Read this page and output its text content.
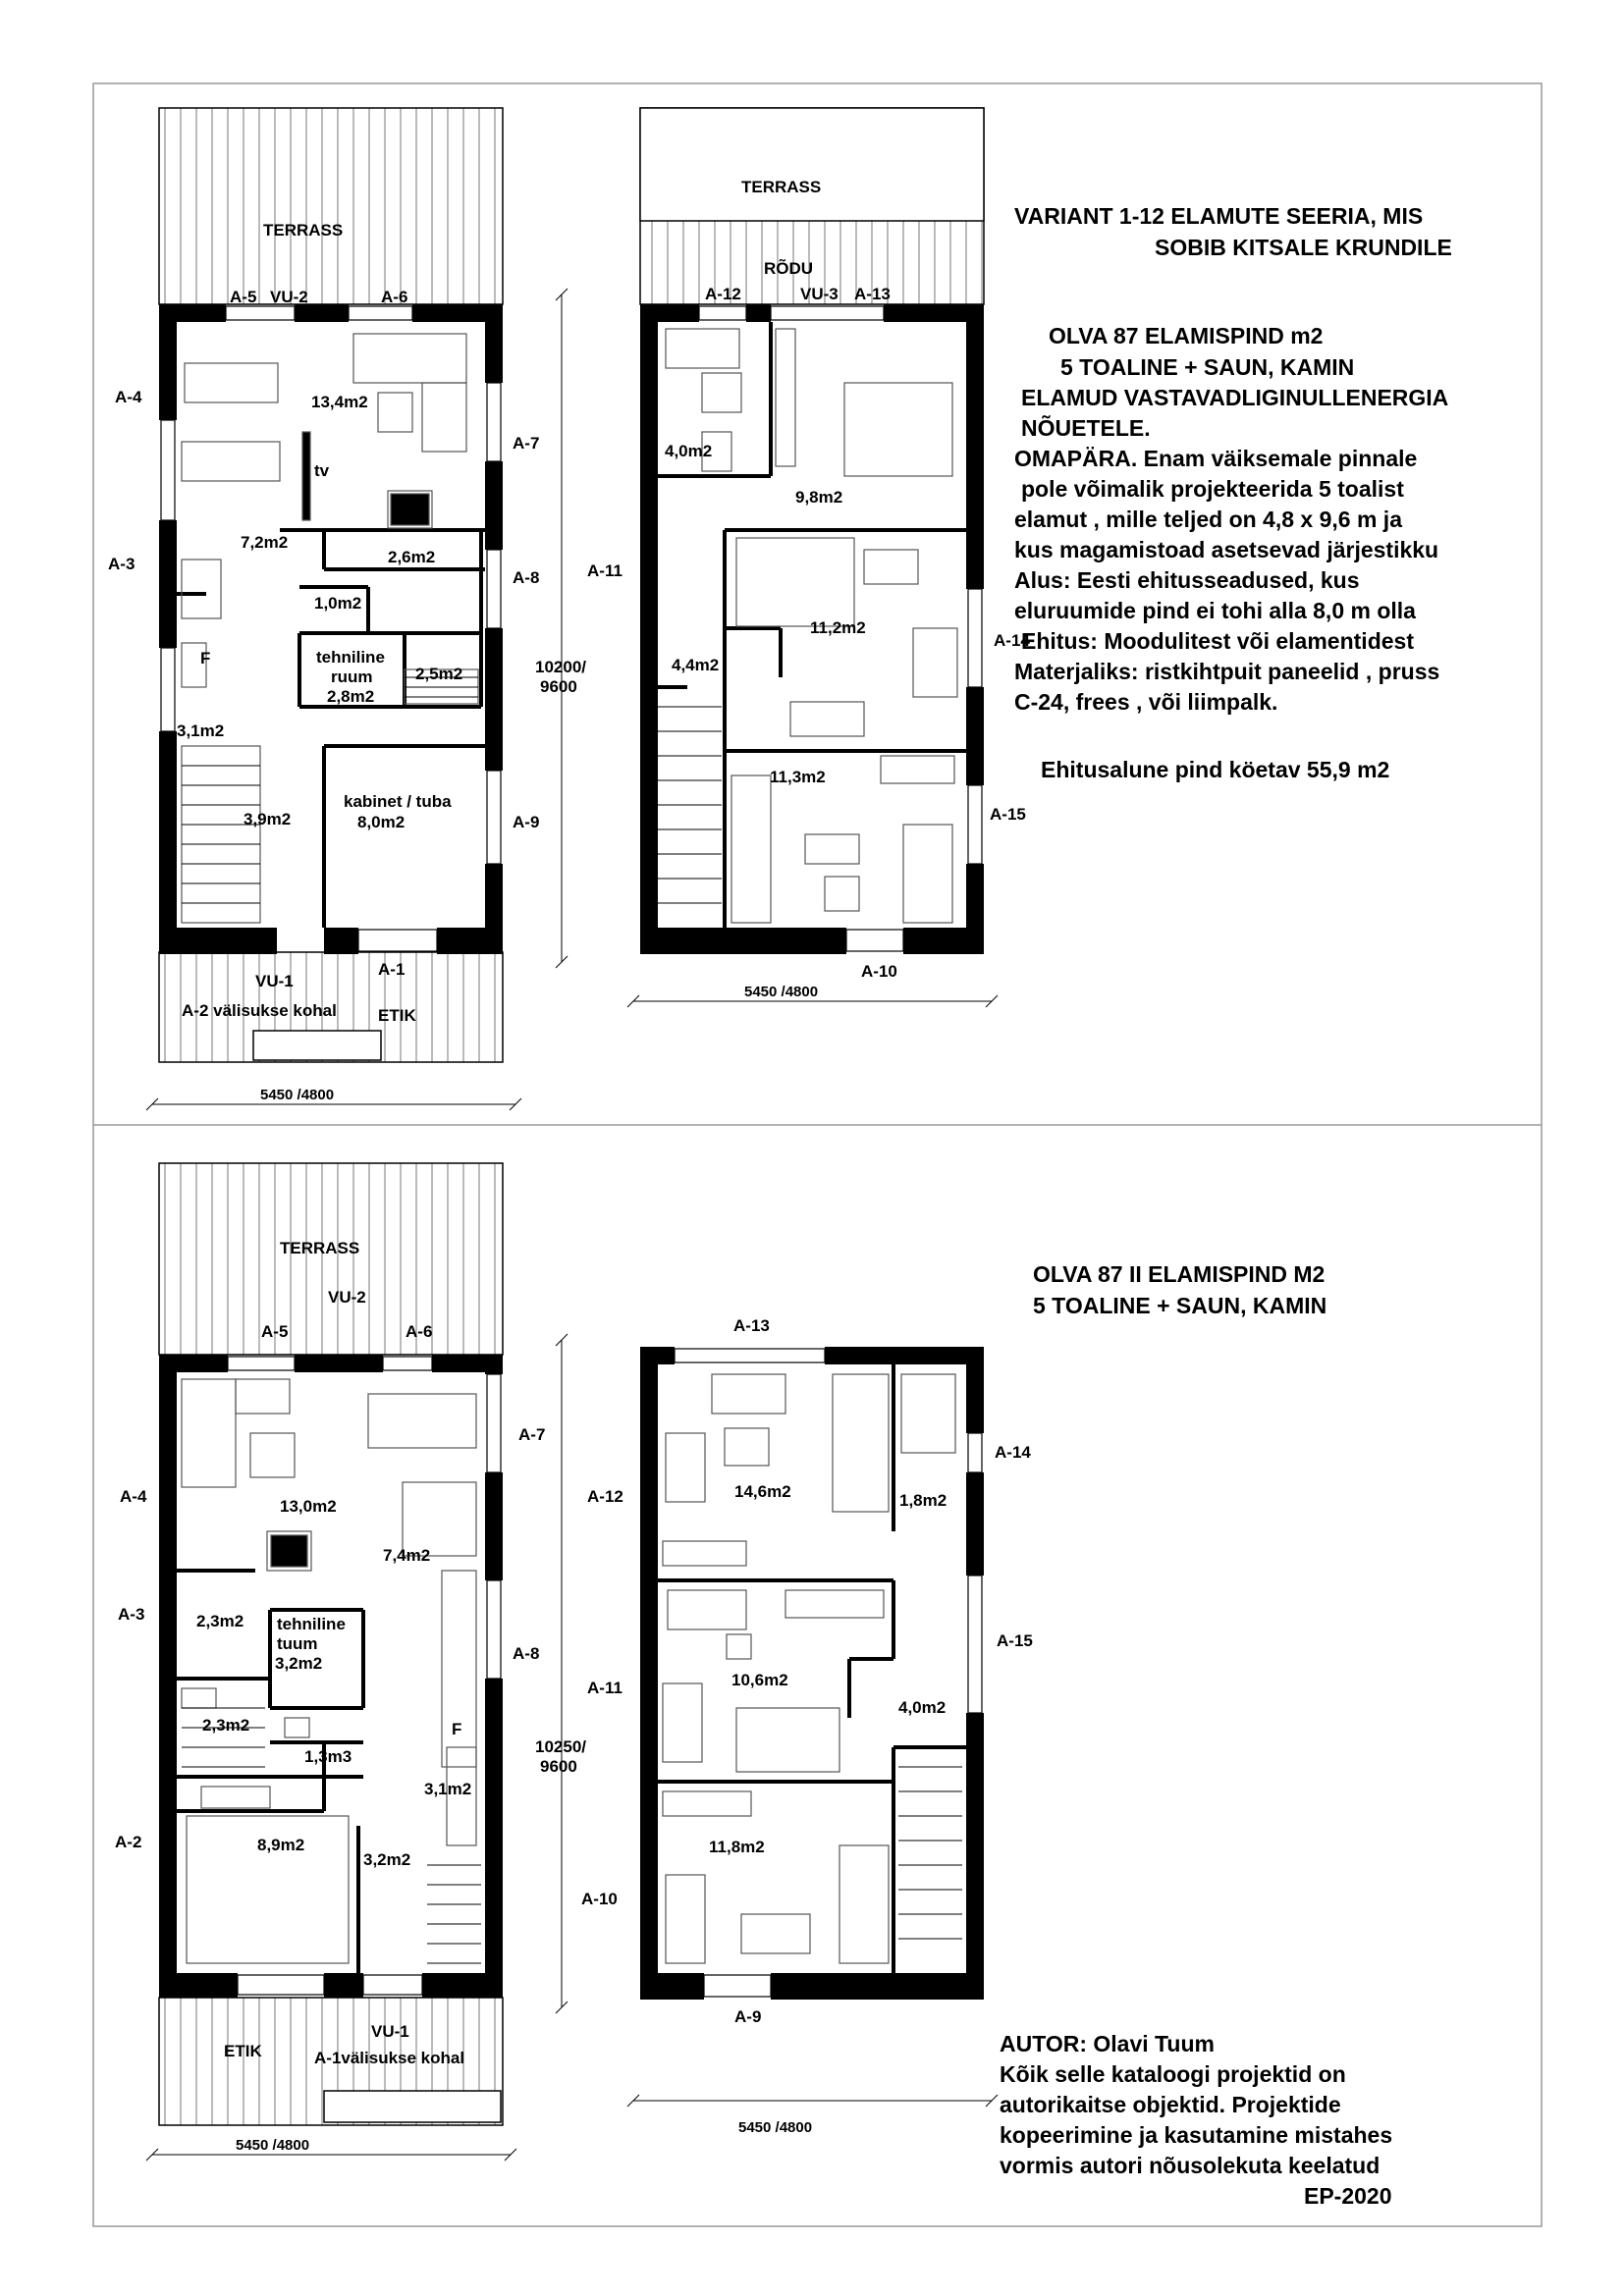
TERRASS
A-5 VU-2	A-6
A-4
A-7
A-3
A-8
A-9
VU-1
A-1
13,4m2
tv
7,2m2
2,6m2
1,0m2
F	tehniline
ruum
2,8m2
2,5m2
3,1m2
3,9m2
kabinet / tuba
8,0m2
10200/
9600
A-2 välisukse kohal ETIK
5450 /4800
TERRASS
RÕDU
A-12	VU-3 A-13
A-11
A-14
A-15
A-10
4,0m2
9,8m2
11,2m2
4,4m2
11,3m2
5450 /4800
TERRASS
VU-2
A-5	A-6
A-7
A-4
A-3
A-8
A-2
VU-1
13,0m2
7,4m2
2,3m2 tehniline
tuum
3,2m2
2,3m2
1,3m3
F
3,1m2
8,9m2
3,2m2
10250/
9600
ETIK	A-1välisukse kohal
5450 /4800
A-13
A-12
A-14
A-11
A-15
A-10
A-9
14,6m2	1,8m2
10,6m2
4,0m2
11,8m2
5450 /4800
VARIANT 1-12 ELAMUTE SEERIA, MIS
SOBIB KITSALE KRUNDILE
OLVA 87 ELAMISPIND m2
5 TOALINE + SAUN, KAMIN
ELAMUD VASTAVADLIGINULLENERGIA
NÕUETELE.
OMAPÄRA. Enam väiksemale pinnale
pole võimalik projekteerida 5 toalist
elamut , mille teljed on 4,8 x 9,6 m ja
kus magamistoad asetsevad järjestikku
Alus: Eesti ehitusseadused, kus
eluruumide pind ei tohi alla 8,0 m olla
Ehitus: Moodulitest või elamentidest
Materjaliks: ristkihtpuit paneelid , pruss
C-24, frees , või liimpalk.
Ehitusalune pind köetav 55,9 m2
OLVA 87 II ELAMISPIND M2
5 TOALINE + SAUN, KAMIN
AUTOR: Olavi Tuum
Kõik selle kataloogi projektid on
autorikaitse objektid. Projektide
kopeerimine ja kasutamine mistahes
vormis autori nõusolekuta keelatud
EP-2020
